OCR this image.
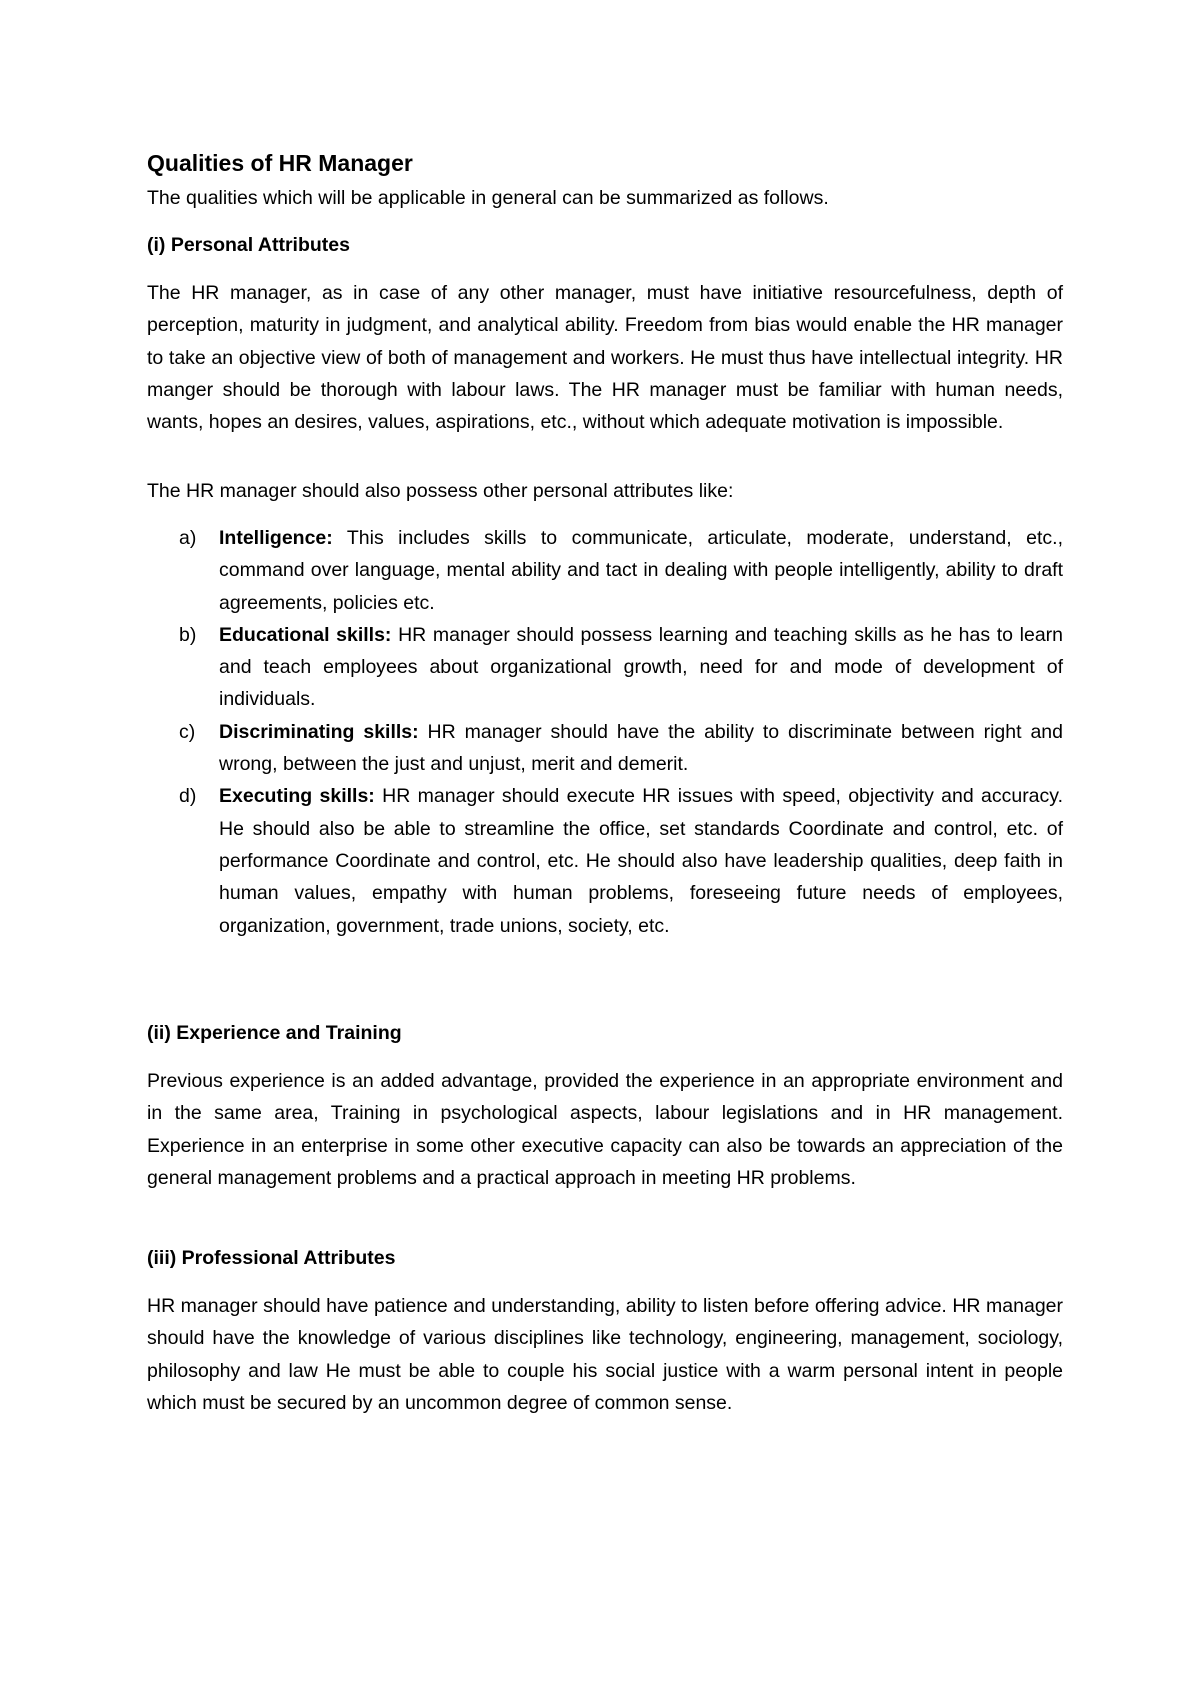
Qualities of HR Manager

The qualities which will be applicable in general can be summarized as follows.

(i) Personal Attributes

The HR manager, as in case of any other manager, must have initiative resourcefulness, depth of perception, maturity in judgment, and analytical ability. Freedom from bias would enable the HR manager to take an objective view of both of management and workers. He must thus have intellectual integrity. HR manger should be thorough with labour laws. The HR manager must be familiar with human needs, wants, hopes an desires, values, aspirations, etc., without which adequate motivation is impossible.

The HR manager should also possess other personal attributes like:

a) Intelligence: This includes skills to communicate, articulate, moderate, understand, etc., command over language, mental ability and tact in dealing with people intelligently, ability to draft agreements, policies etc.
b) Educational skills: HR manager should possess learning and teaching skills as he has to learn and teach employees about organizational growth, need for and mode of development of individuals.
c) Discriminating skills: HR manager should have the ability to discriminate between right and wrong, between the just and unjust, merit and demerit.
d) Executing skills: HR manager should execute HR issues with speed, objectivity and accuracy. He should also be able to streamline the office, set standards Coordinate and control, etc. of performance Coordinate and control, etc. He should also have leadership qualities, deep faith in human values, empathy with human problems, foreseeing future needs of employees, organization, government, trade unions, society, etc.

(ii) Experience and Training

Previous experience is an added advantage, provided the experience in an appropriate environment and in the same area, Training in psychological aspects, labour legislations and in HR management. Experience in an enterprise in some other executive capacity can also be towards an appreciation of the general management problems and a practical approach in meeting HR problems.

(iii) Professional Attributes

HR manager should have patience and understanding, ability to listen before offering advice. HR manager should have the knowledge of various disciplines like technology, engineering, management, sociology, philosophy and law He must be able to couple his social justice with a warm personal intent in people which must be secured by an uncommon degree of common sense.
